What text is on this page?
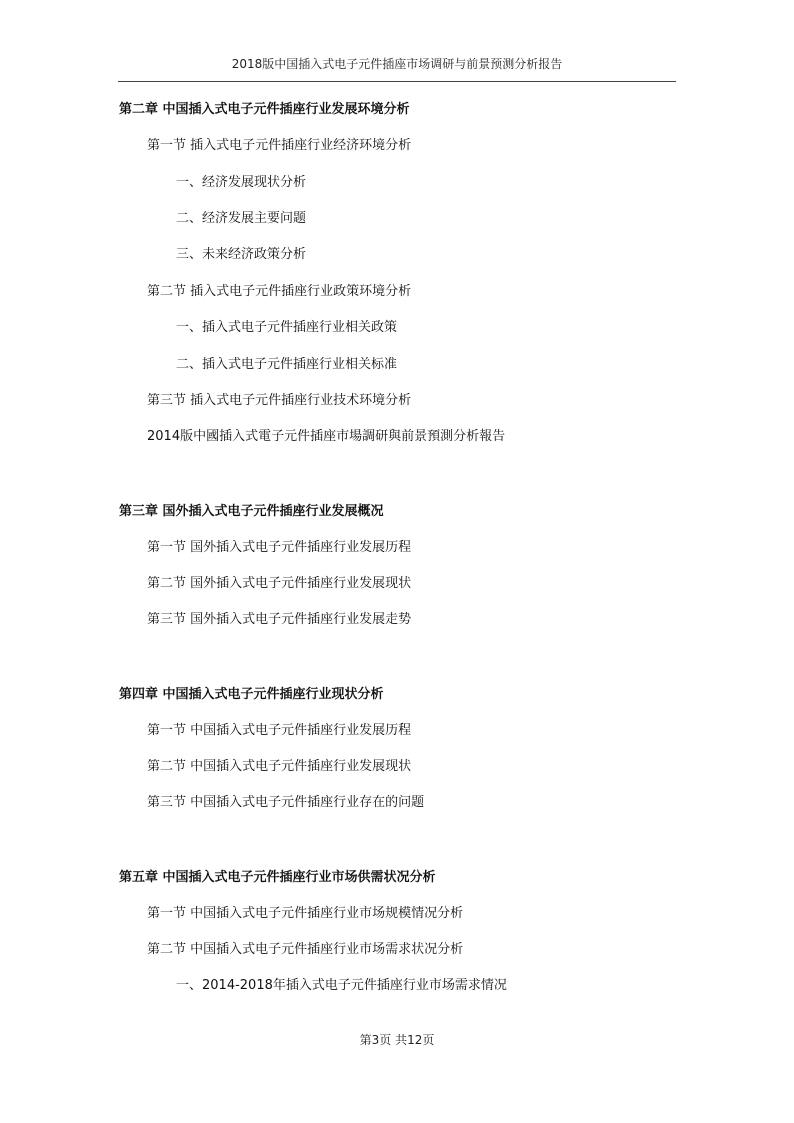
2018版中国插入式电子元件插座市场调研与前景预测分析报告
第二章 中国插入式电子元件插座行业发展环境分析
第一节 插入式电子元件插座行业经济环境分析
一、经济发展现状分析
二、经济发展主要问题
三、未来经济政策分析
第二节 插入式电子元件插座行业政策环境分析
一、插入式电子元件插座行业相关政策
二、插入式电子元件插座行业相关标准
第三节 插入式电子元件插座行业技术环境分析
2014版中國插入式電子元件插座市場調研與前景預測分析報告
第三章 国外插入式电子元件插座行业发展概况
第一节 国外插入式电子元件插座行业发展历程
第二节 国外插入式电子元件插座行业发展现状
第三节 国外插入式电子元件插座行业发展走势
第四章 中国插入式电子元件插座行业现状分析
第一节 中国插入式电子元件插座行业发展历程
第二节 中国插入式电子元件插座行业发展现状
第三节 中国插入式电子元件插座行业存在的问题
第五章 中国插入式电子元件插座行业市场供需状况分析
第一节 中国插入式电子元件插座行业市场规模情况分析
第二节 中国插入式电子元件插座行业市场需求状况分析
一、2014-2018年插入式电子元件插座行业市场需求情况
第3页 共12页
